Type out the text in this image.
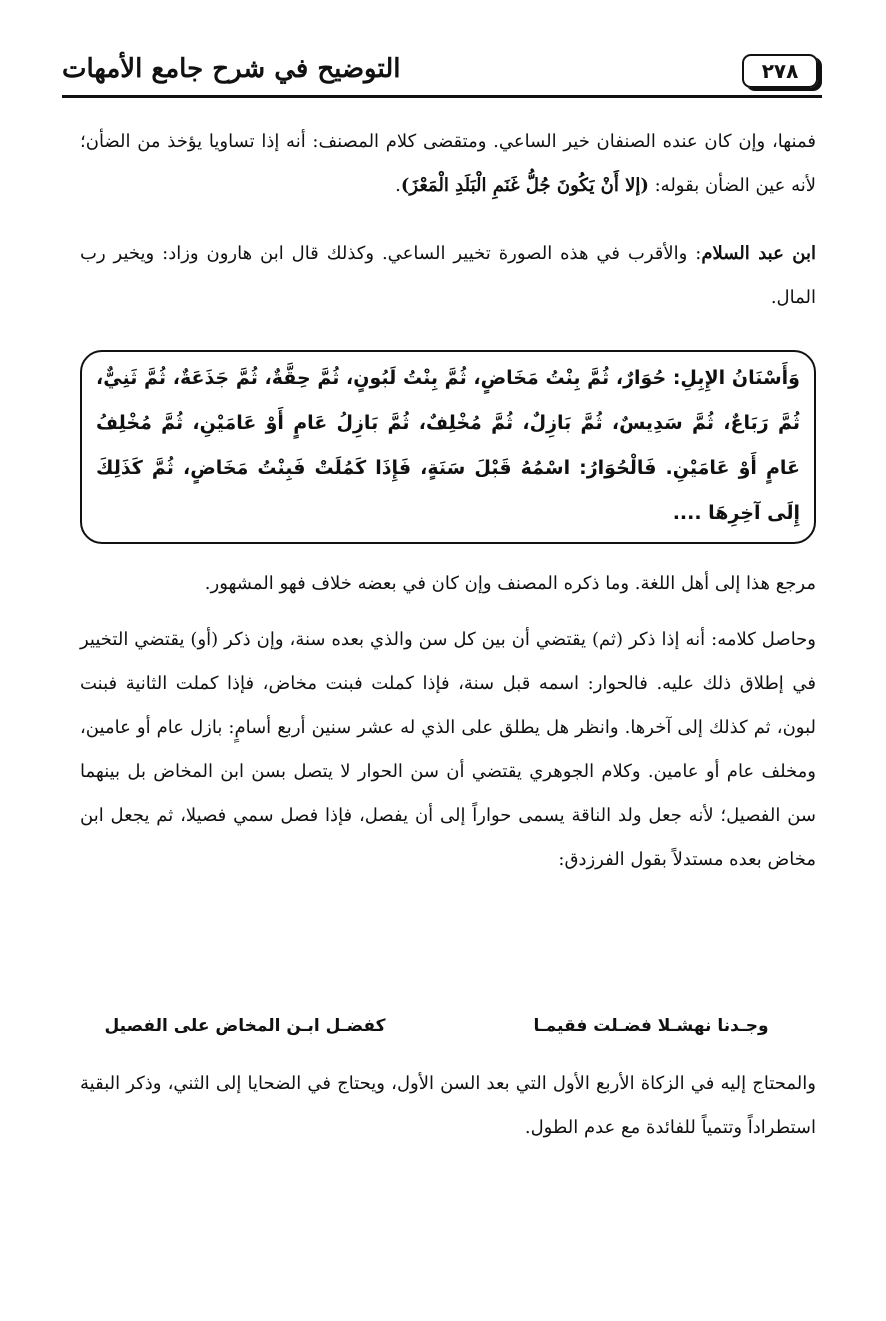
التوضيح في شرح جامع الأمهات	٢٧٨
فمنها، وإن كان عنده الصنفان خير الساعي. ومتقضى كلام المصنف: أنه إذا تساويا يؤخذ من الضأن؛ لأنه عين الضأن بقوله: (إلا أَنْ يَكُونَ جُلُّ غَنَمِ الْبَلَدِ الْمَعْزَ).
ابن عبد السلام: والأقرب في هذه الصورة تخيير الساعي. وكذلك قال ابن هارون وزاد: ويخير رب المال.
وَأَسْنَانُ الإِبِلِ: حُوَارٌ، ثُمَّ بِنْتُ مَخَاضٍ، ثُمَّ بِنْتُ لَبُونٍ، ثُمَّ حِقَّةٌ، ثُمَّ جَذَعَةٌ، ثُمَّ ثَنِيٌّ، ثُمَّ رَبَاعٌ، ثُمَّ سَدِيسٌ، ثُمَّ بَازِلٌ، ثُمَّ مُخْلِفٌ، ثُمَّ بَازِلُ عَامٍ أَوْ عَامَيْنِ، ثُمَّ مُخْلِفُ عَامٍ أَوْ عَامَيْنِ. فَالْحُوَارُ: اسْمُهُ قَبْلَ سَنَةٍ، فَإِذَا كَمُلَتْ فَبِنْتُ مَخَاضٍ، ثُمَّ كَذَلِكَ إِلَى آخِرِهَا ....
مرجع هذا إلى أهل اللغة. وما ذكره المصنف وإن كان في بعضه خلاف فهو المشهور.
وحاصل كلامه: أنه إذا ذكر (ثم) يقتضي أن بين كل سن والذي بعده سنة، وإن ذكر (أو) يقتضي التخيير في إطلاق ذلك عليه. فالحوار: اسمه قبل سنة، فإذا كملت فبنت مخاض، فإذا كملت الثانية فبنت لبون، ثم كذلك إلى آخرها. وانظر هل يطلق على الذي له عشر سنين أربع أسامٍ: بازل عام أو عامين، ومخلف عام أو عامين. وكلام الجوهري يقتضي أن سن الحوار لا يتصل بسن ابن المخاض بل بينهما سن الفصيل؛ لأنه جعل ولد الناقة يسمى حواراً إلى أن يفصل، فإذا فصل سمي فصيلا، ثم يجعل ابن مخاض بعده مستدلاً بقول الفرزدق:
وجـدنا نهشـلا فضـلت فقيمـا
كفضـل ابـن المخاض على الفصيل
والمحتاج إليه في الزكاة الأربع الأول التي بعد السن الأول، ويحتاج في الضحايا إلى الثني، وذكر البقية استطراداً وتتمياً للفائدة مع عدم الطول.
